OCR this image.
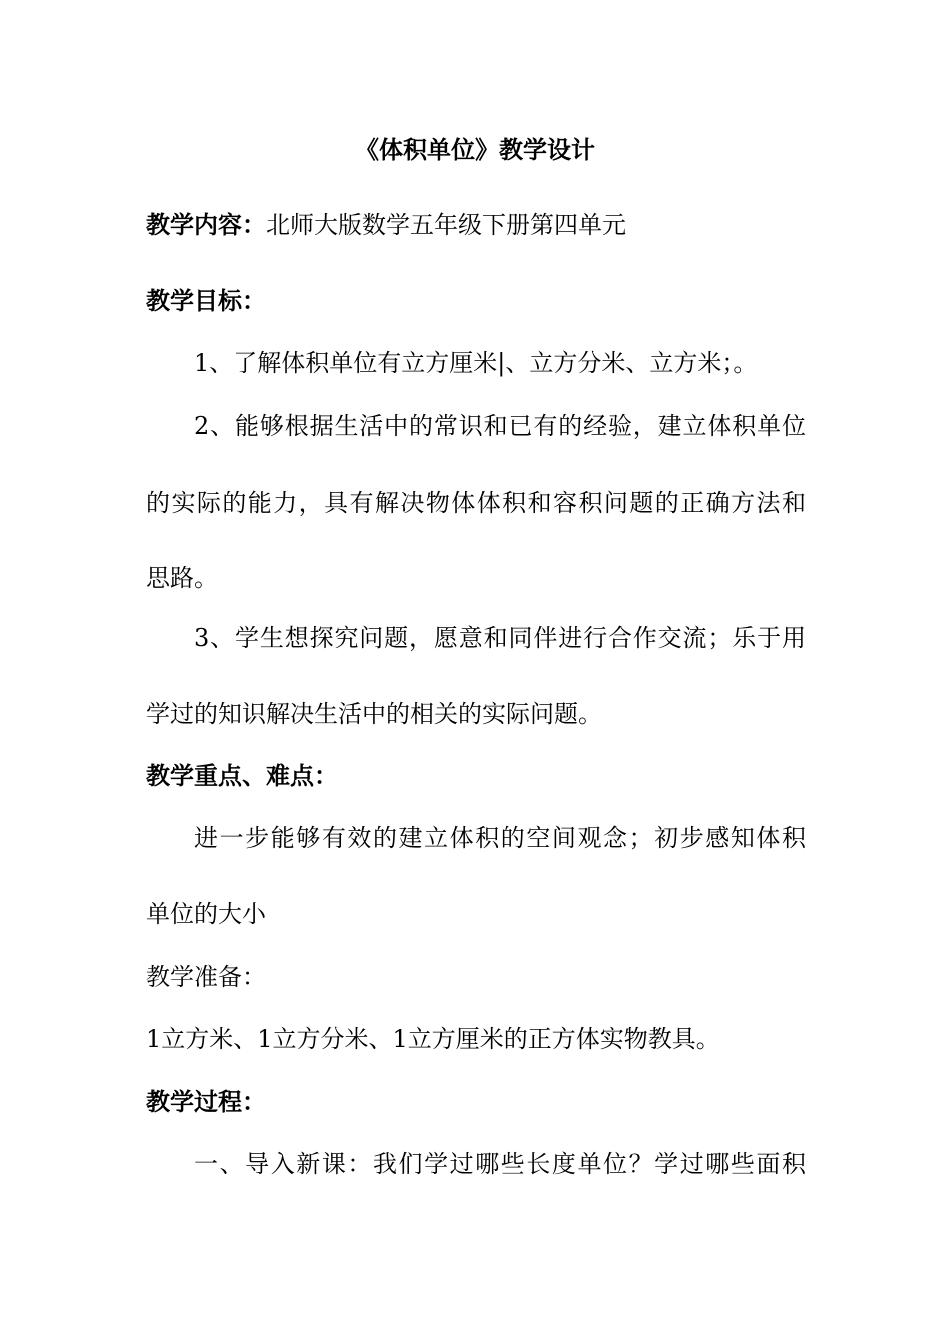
《体积单位》教学设计
教学内容：北师大版数学五年级下册第四单元
教学目标：
1、了解体积单位有立方厘米|、立方分米、立方米；。
2、能够根据生活中的常识和已有的经验，建立体积单位
的实际的能力，具有解决物体体积和容积问题的正确方法和
思路。
3、学生想探究问题，愿意和同伴进行合作交流；乐于用
学过的知识解决生活中的相关的实际问题。
教学重点、难点：
进一步能够有效的建立体积的空间观念；初步感知体积
单位的大小
教学准备：
1立方米、1立方分米、1立方厘米的正方体实物教具。
教学过程：
一、导入新课：我们学过哪些长度单位？学过哪些面积
